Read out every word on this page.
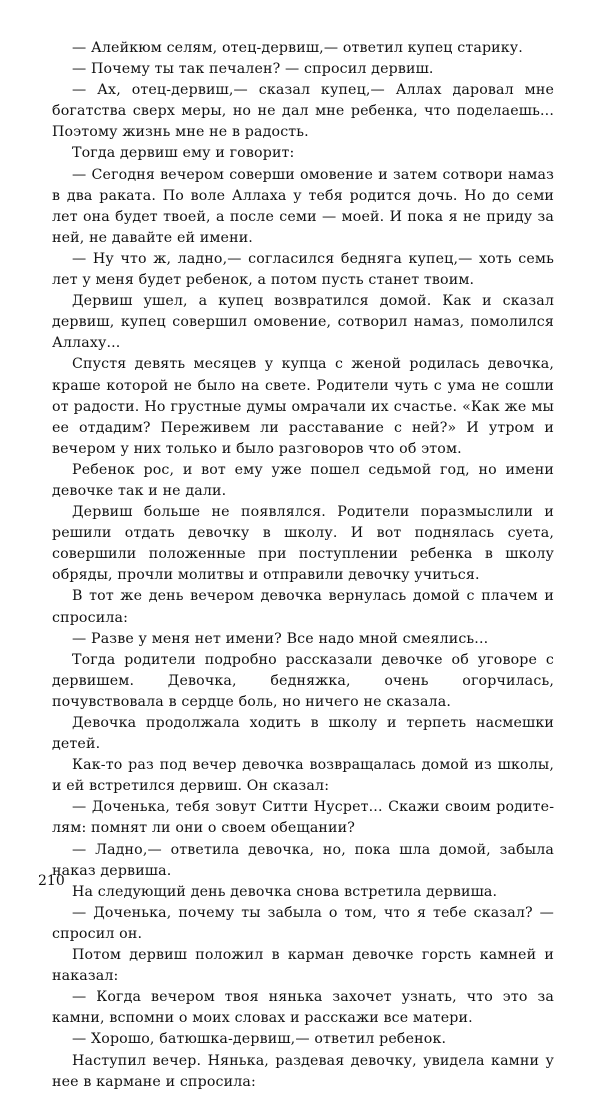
— Алейкюм селям, отец-дервиш,— ответил купец старику.

— Почему ты так печален? — спросил дервиш.

— Ах, отец-дервиш,— сказал купец,— Аллах даровал мне богатства сверх меры, но не дал мне ребенка, что поделаешь... Поэтому жизнь мне не в радость.

Тогда дервиш ему и говорит:

— Сегодня вечером соверши омовение и затем сотвори намаз в два раката. По воле Аллаха у тебя родится дочь. Но до семи лет она будет твоей, а после семи — моей. И пока я не приду за ней, не давайте ей имени.

— Ну что ж, ладно,— согласился бедняга купец,— хоть семь лет у меня будет ребенок, а потом пусть станет твоим.

Дервиш ушел, а купец возвратился домой. Как и сказал дервиш, купец совершил омовение, сотворил намаз, помолился Аллаху...

Спустя девять месяцев у купца с женой родилась девочка, краше которой не было на свете. Родители чуть с ума не сошли от радости. Но грустные думы омрачали их счастье. «Как же мы ее отдадим? Переживем ли расставание с ней?» И утром и вечером у них только и было разговоров что об этом.

Ребенок рос, и вот ему уже пошел седьмой год, но имени девочке так и не дали.

Дервиш больше не появлялся. Родители поразмыслили и решили отдать девочку в школу. И вот поднялась суета, совершили положенные при поступлении ребенка в школу обряды, прочли молитвы и отправили девочку учиться.

В тот же день вечером девочка вернулась домой с плачем и спросила:

— Разве у меня нет имени? Все надо мной смеялись...

Тогда родители подробно рассказали девочке об уговоре с дервишем. Девочка, бедняжка, очень огорчилась, почувствовала в сердце боль, но ничего не сказала.

Девочка продолжала ходить в школу и терпеть насмешки детей.

Как-то раз под вечер девочка возвращалась домой из школы, и ей встретился дервиш. Он сказал:

— Доченька, тебя зовут Ситти Нусрет... Скажи своим родителям: помнят ли они о своем обещании?

— Ладно,— ответила девочка, но, пока шла домой, забыла наказ дервиша.

На следующий день девочка снова встретила дервиша.

— Доченька, почему ты забыла о том, что я тебе сказал? — спросил он.

Потом дервиш положил в карман девочке горсть камней и наказал:

— Когда вечером твоя нянька захочет узнать, что это за камни, вспомни о моих словах и расскажи все матери.

— Хорошо, батюшка-дервиш,— ответил ребенок.

Наступил вечер. Нянька, раздевая девочку, увидела камни у нее в кармане и спросила:

210
